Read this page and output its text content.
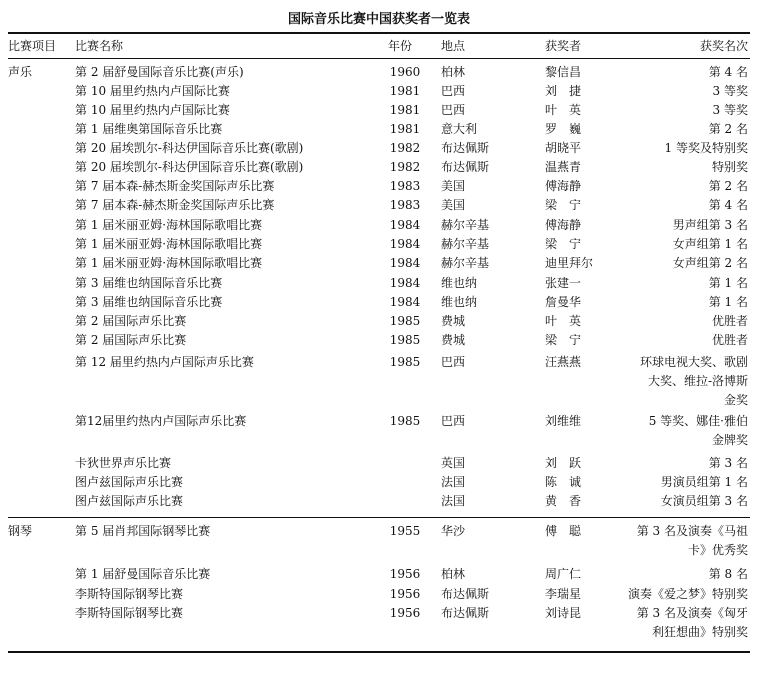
国际音乐比赛中国获奖者一览表
比赛项目 比赛名称	年份 地点	获奖者	获奖名次
声乐	第 2 届舒曼国际音乐比赛(声乐)	1960 柏林	黎信昌	第 4 名
第 10 届里约热内卢国际比赛	1981 巴西	刘　捷	3 等奖
第 10 届里约热内卢国际比赛	1981 巴西	叶　英	3 等奖
第 1 届维奥第国际音乐比赛	1981 意大利	罗　巍	第 2 名
第 20 届埃凯尔-科达伊国际音乐比赛(歌剧)	1982 布达佩斯	胡晓平	1 等奖及特别奖
第 20 届埃凯尔-科达伊国际音乐比赛(歌剧)	1982 布达佩斯	温燕青	特别奖
第 7 届本森-赫杰斯金奖国际声乐比赛	1983 美国	傅海静	第 2 名
第 7 届本森-赫杰斯金奖国际声乐比赛	1983 美国	梁　宁	第 4 名
第 1 届米丽亚姆·海林国际歌唱比赛	1984 赫尔辛基	傅海静	男声组第 3 名
第 1 届米丽亚姆·海林国际歌唱比赛	1984 赫尔辛基	梁　宁	女声组第 1 名
第 1 届米丽亚姆·海林国际歌唱比赛	1984 赫尔辛基	迪里拜尔	女声组第 2 名
第 3 届维也纳国际音乐比赛	1984 维也纳	张建一	第 1 名
第 3 届维也纳国际音乐比赛	1984 维也纳	詹曼华	第 1 名
第 2 届国际声乐比赛	1985 费城	叶　英	优胜者
第 2 届国际声乐比赛	1985 费城	梁　宁	优胜者
第 12 届里约热内卢国际声乐比赛	1985 巴西	汪燕燕	环球电视大奖、歌剧
大奖、维拉-洛博斯
金奖
第12届里约热内卢国际声乐比赛	1985 巴西	刘维维	5 等奖、娜佳·雅伯
金牌奖
卡狄世界声乐比赛	英国	刘　跃	第 3 名
图卢兹国际声乐比赛	法国	陈　诚	男演员组第 1 名
图卢兹国际声乐比赛	法国	黄　香	女演员组第 3 名
钢琴	第 5 届肖邦国际钢琴比赛	1955 华沙	傅　聪	第 3 名及演奏《马祖
卡》优秀奖
第 1 届舒曼国际音乐比赛	1956 柏林	周广仁	第 8 名
李斯特国际钢琴比赛	1956 布达佩斯	李瑞星	演奏《爱之梦》特别奖
李斯特国际钢琴比赛	1956 布达佩斯	刘诗昆	第 3 名及演奏《匈牙
利狂想曲》特别奖
